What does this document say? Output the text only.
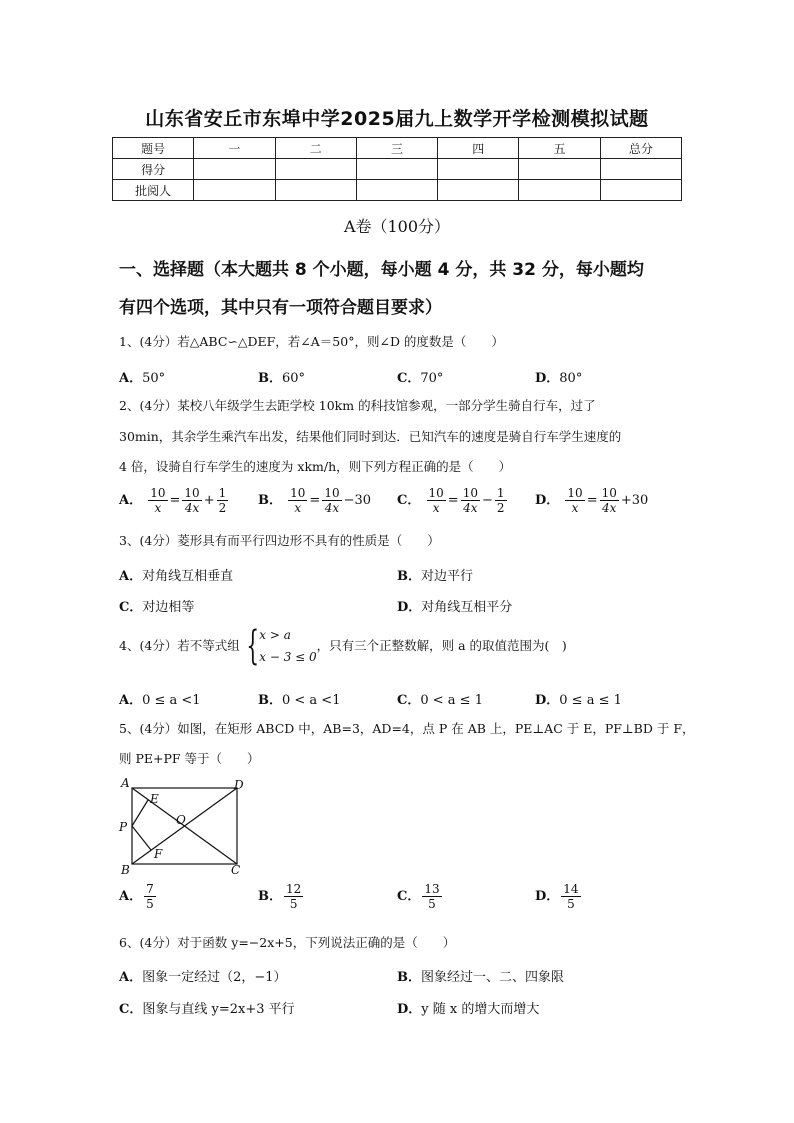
山东省安丘市东埠中学2025届九上数学开学检测模拟试题
题号	一	二	三	四	五	总分
得分						
批阅人						
A卷（100分）
一、选择题（本大题共 8 个小题，每小题 4 分，共 32 分，每小题均
有四个选项，其中只有一项符合题目要求）
1、(4分）若△ABC∽△DEF，若∠A＝50°，则∠D 的度数是（　　）
A．50°	B．60°	C．70°	D．80°
2、(4分）某校八年级学生去距学校 10km 的科技馆参观，一部分学生骑自行车，过了
30min，其余学生乘汽车出发，结果他们同时到达．已知汽车的速度是骑自行车学生速度的
4 倍，设骑自行车学生的速度为 xkm/h，则下列方程正确的是（　　）
A． $\frac{10}{x} = \frac{10}{4x} + \frac{1}{2}$ B． $\frac{10}{x} = \frac{10}{4x} -30$ C． $\frac{10}{x} = \frac{10}{4x} - \frac{1}{2}$ D． $\frac{10}{x} = \frac{10}{4x} +30$
3、(4分）菱形具有而平行四边形不具有的性质是（　　）
A．对角线互相垂直	B．对边平行
C．对边相等	D．对角线互相平分
4、(4分）若不等式组 { x > a
x − 3 ≤ 0
，只有三个正整数解，则 a 的取值范围为(　)
A．0 ≤ a <1	B．0 < a <1	C．0 < a ≤ 1	D．0 ≤ a ≤ 1
5、(4分）如图，在矩形 ABCD 中，AB=3，AD=4，点 P 在 AB 上，PE⊥AC 于 E，PF⊥BD 于 F，
则 PE+PF 等于（　　）
A	D
B	C
E
F
O
P
A． $\frac{7}{5}$	B． $\frac{12}{5}$	C． $\frac{13}{5}$	D． $\frac{14}{5}$
6、(4分）对于函数 y=−2x+5，下列说法正确的是（　　）
A．图象一定经过（2，−1）	B．图象经过一、二、四象限
C．图象与直线 y=2x+3 平行	D．y 随 x 的增大而增大
